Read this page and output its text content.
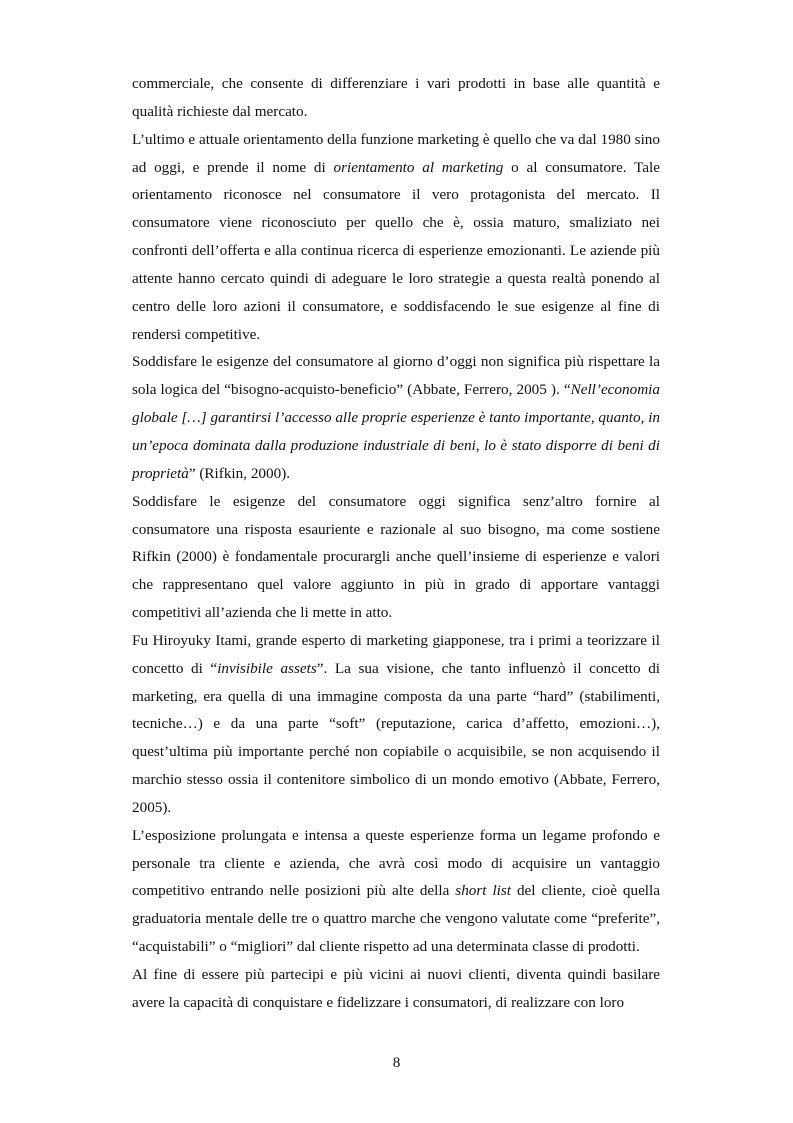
commerciale, che consente di differenziare i vari prodotti in base alle quantità e qualità richieste dal mercato.

L’ultimo e attuale orientamento della funzione marketing è quello che va dal 1980 sino ad oggi, e prende il nome di orientamento al marketing o al consumatore. Tale orientamento riconosce nel consumatore il vero protagonista del mercato. Il consumatore viene riconosciuto per quello che è, ossia maturo, smaliziato nei confronti dell’offerta e alla continua ricerca di esperienze emozionanti. Le aziende più attente hanno cercato quindi di adeguare le loro strategie a questa realtà ponendo al centro delle loro azioni il consumatore, e soddisfacendo le sue esigenze al fine di rendersi competitive.

Soddisfare le esigenze del consumatore al giorno d’oggi non significa più rispettare la sola logica del “bisogno-acquisto-beneficio” (Abbate, Ferrero, 2005 ). “Nell’economia globale […] garantirsi l’accesso alle proprie esperienze è tanto importante, quanto, in un’epoca dominata dalla produzione industriale di beni, lo è stato disporre di beni di proprietà” (Rifkin, 2000).

Soddisfare le esigenze del consumatore oggi significa senz’altro fornire al consumatore una risposta esauriente e razionale al suo bisogno, ma come sostiene Rifkin (2000) è fondamentale procurargli anche quell’insieme di esperienze e valori che rappresentano quel valore aggiunto in più in grado di apportare vantaggi competitivi all’azienda che li mette in atto.

Fu Hiroyuky Itami, grande esperto di marketing giapponese, tra i primi a teorizzare il concetto di “invisibile assets”. La sua visione, che tanto influenzò il concetto di marketing, era quella di una immagine composta da una parte “hard” (stabilimenti, tecniche…) e da una parte “soft” (reputazione, carica d’affetto, emozioni…), quest’ultima più importante perché non copiabile o acquisibile, se non acquisendo il marchio stesso ossia il contenitore simbolico di un mondo emotivo (Abbate, Ferrero, 2005).

L’esposizione prolungata e intensa a queste esperienze forma un legame profondo e personale tra cliente e azienda, che avrà così modo di acquisire un vantaggio competitivo entrando nelle posizioni più alte della short list del cliente, cioè quella graduatoria mentale delle tre o quattro marche che vengono valutate come “preferite”, “acquistabili” o “migliori” dal cliente rispetto ad una determinata classe di prodotti.

Al fine di essere più partecipi e più vicini ai nuovi clienti, diventa quindi basilare avere la capacità di conquistare e fidelizzare i consumatori, di realizzare con loro

8
